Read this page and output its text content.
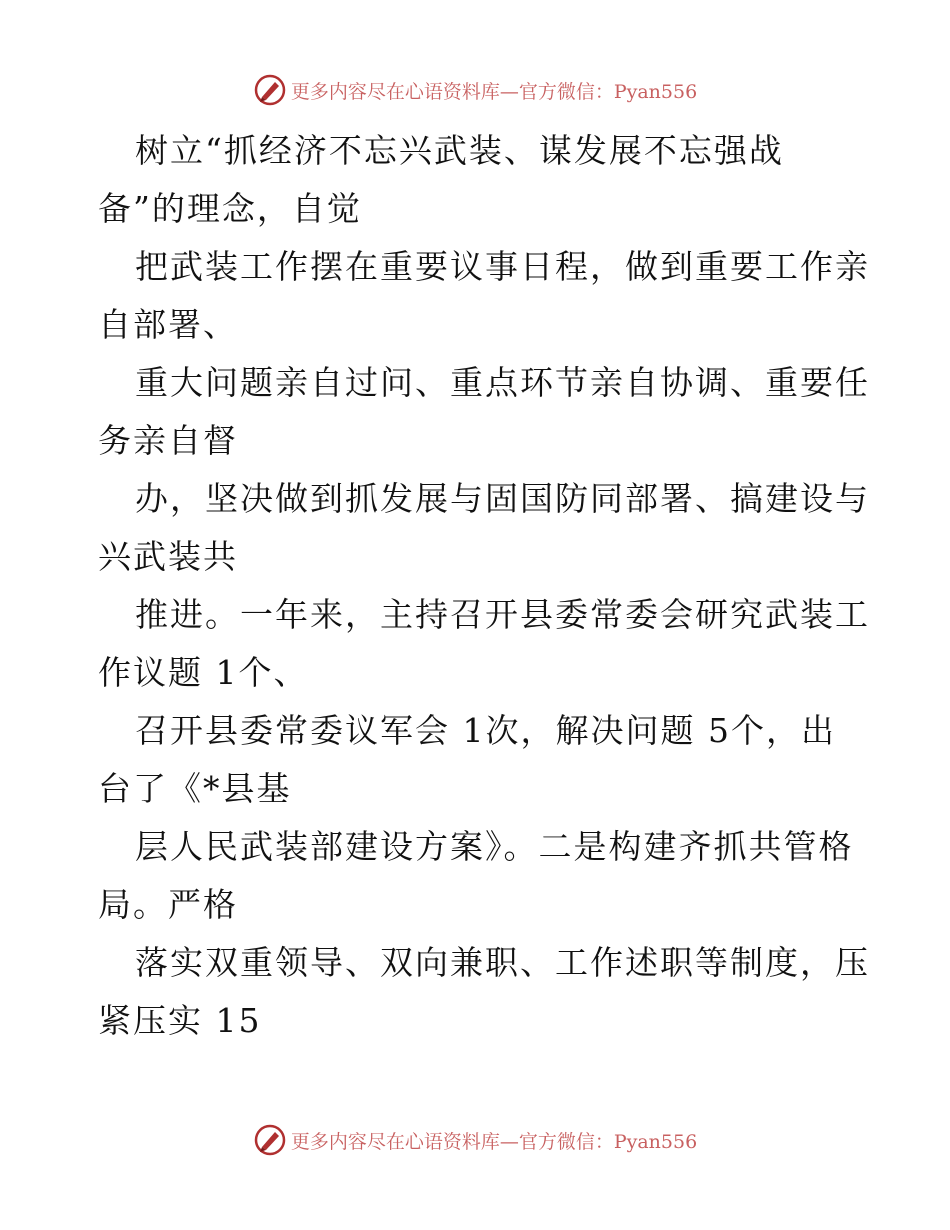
更多内容尽在心语资料库—官方微信：Pyan556
树立“抓经济不忘兴武装、谋发展不忘强战
备”的理念，自觉
把武装工作摆在重要议事日程，做到重要工作亲
自部署、
重大问题亲自过问、重点环节亲自协调、重要任
务亲自督
办，坚决做到抓发展与固国防同部署、搞建设与
兴武装共
推进。一年来，主持召开县委常委会研究武装工
作议题 1个、
召开县委常委议军会 1次，解决问题 5个，出
台了《*县基
层人民武装部建设方案》。二是构建齐抓共管格
局。严格
落实双重领导、双向兼职、工作述职等制度，压
紧压实 15
更多内容尽在心语资料库—官方微信：Pyan556
